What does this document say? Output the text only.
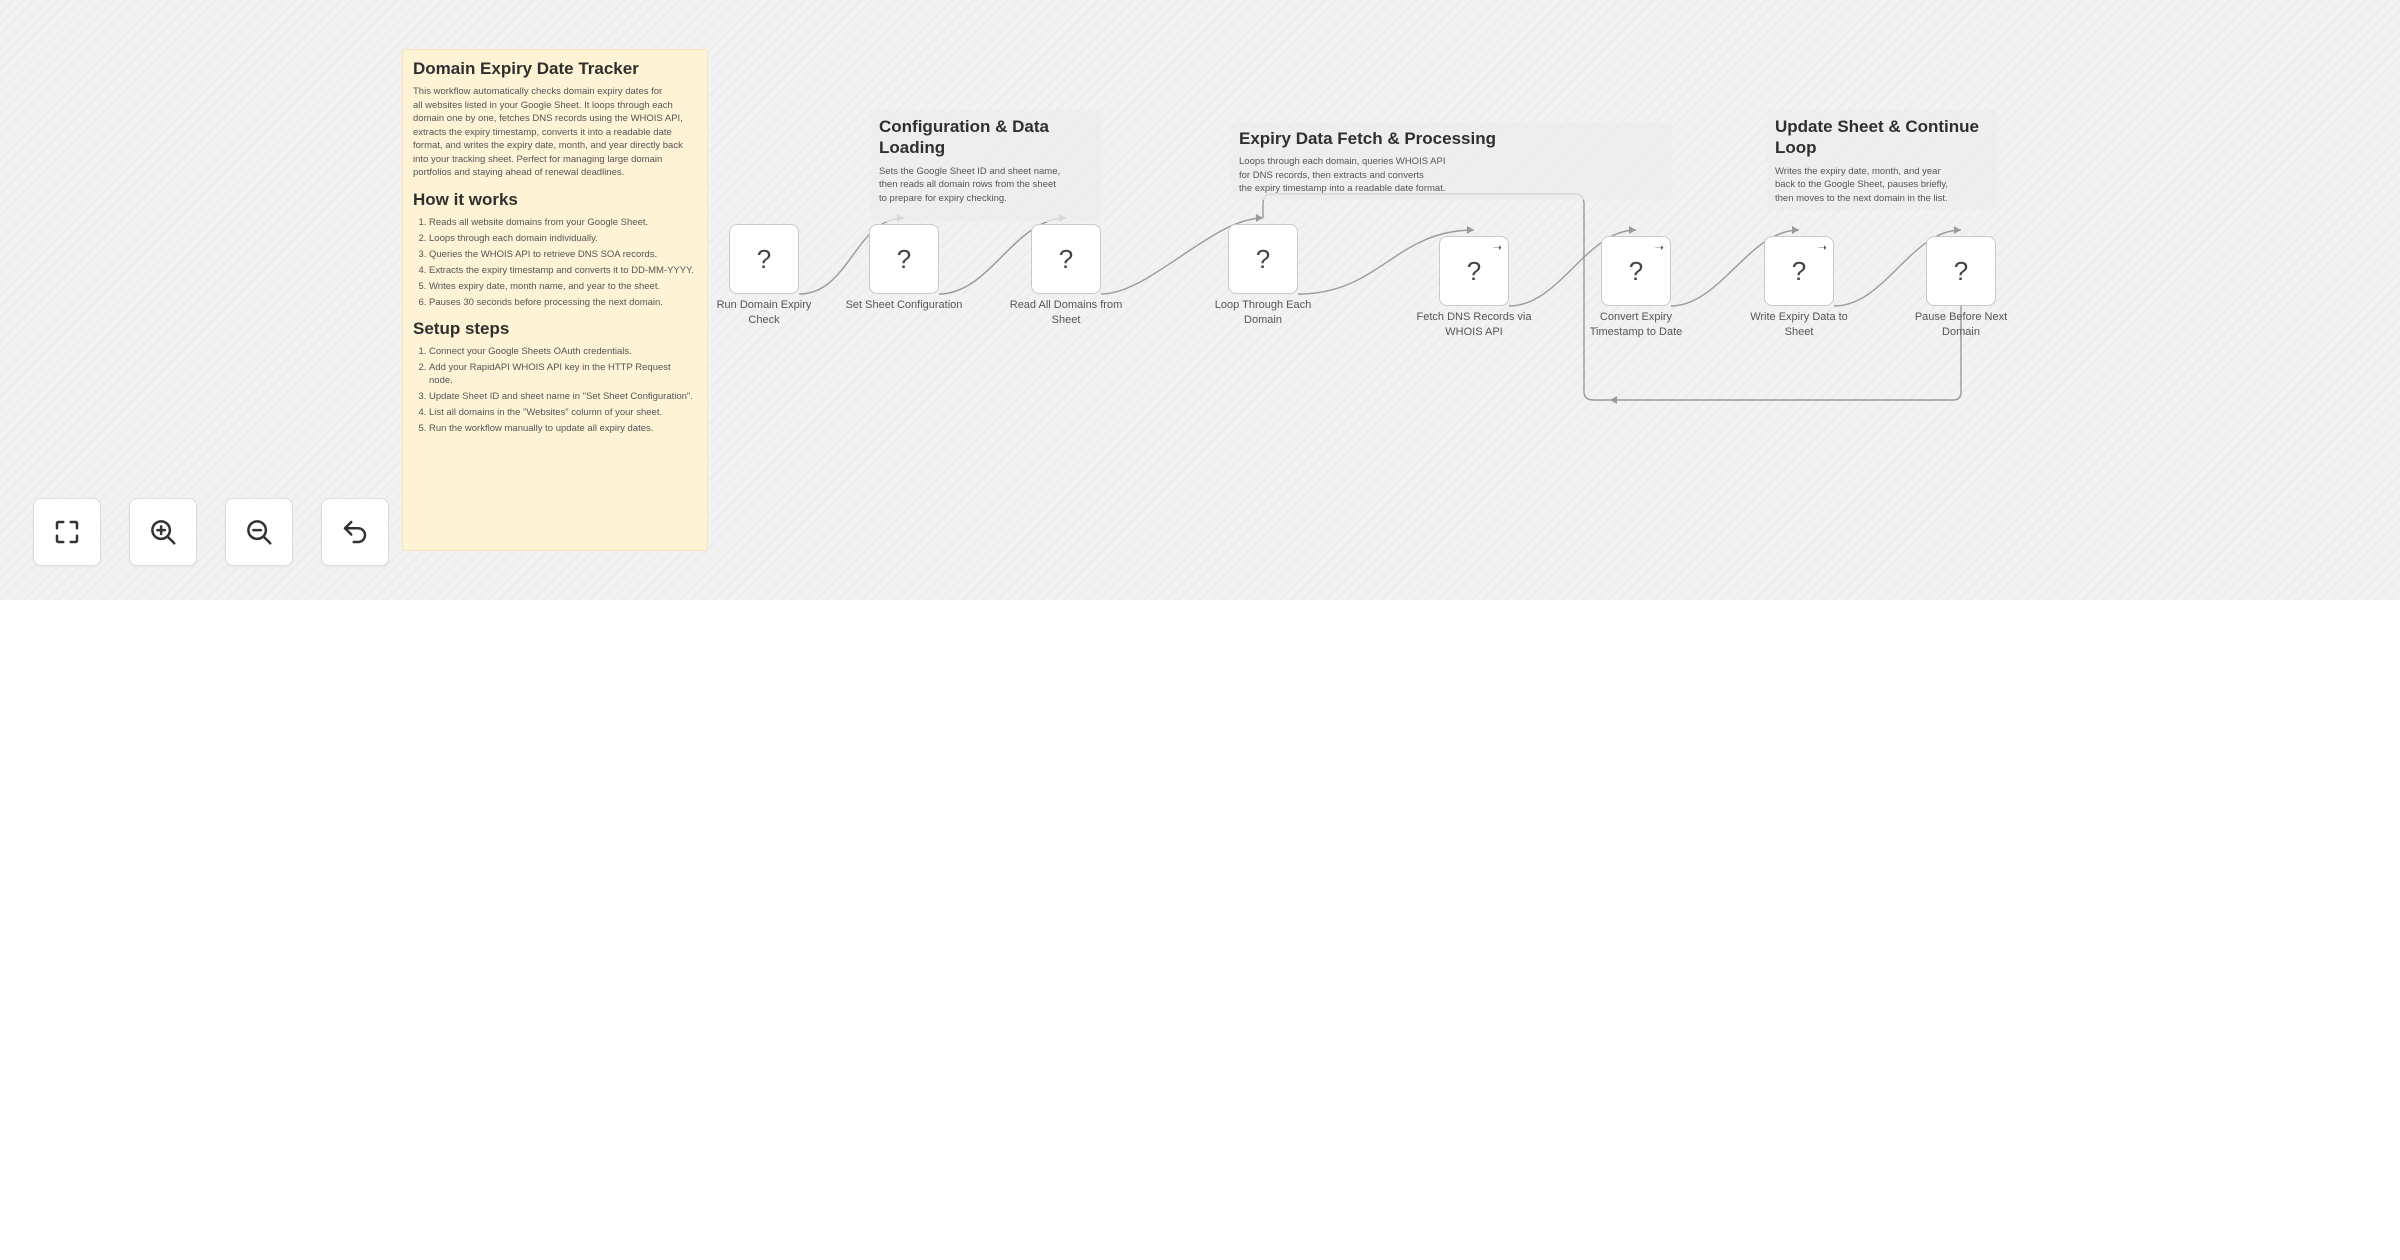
Domain Expiry Date Tracker

This workflow automatically checks domain expiry dates for
all websites listed in your Google Sheet. It loops through each domain one by one, fetches DNS records using the WHOIS API, extracts the expiry timestamp, converts it into a readable date format, and writes the expiry date, month, and year directly back into your tracking sheet. Perfect for managing large domain portfolios and staying ahead of renewal deadlines.

How it works
1. Reads all website domains from your Google Sheet.
2. Loops through each domain individually.
3. Queries the WHOIS API to retrieve DNS SOA records.
4. Extracts the expiry timestamp and converts it to DD-MM-YYYY.
5. Writes expiry date, month name, and year to the sheet.
6. Pauses 30 seconds before processing the next domain.
Setup steps
1. Connect your Google Sheets OAuth credentials.
2. Add your RapidAPI WHOIS API key in the HTTP Request node.
3. Update Sheet ID and sheet name in "Set Sheet Configuration".
4. List all domains in the "Websites" column of your sheet.
5. Run the workflow manually to update all expiry dates.
Configuration & Data Loading

Sets the Google Sheet ID and sheet name,
then reads all domain rows from the sheet
to prepare for expiry checking.

Expiry Data Fetch & Processing

Loops through each domain, queries WHOIS API
for DNS records, then extracts and converts
the expiry timestamp into a readable date format.

Update Sheet & Continue Loop

Writes the expiry date, month, and year
back to the Google Sheet, pauses briefly,
then moves to the next domain in the list.

?
Run Domain Expiry
Check
?
Set Sheet Configuration
?
Read All Domains from
Sheet
?
Loop Through Each
Domain
?
➝
Fetch DNS Records via
WHOIS API
?
➝
Convert Expiry
Timestamp to Date
?
➝
Write Expiry Data to
Sheet
?
Pause Before Next
Domain
